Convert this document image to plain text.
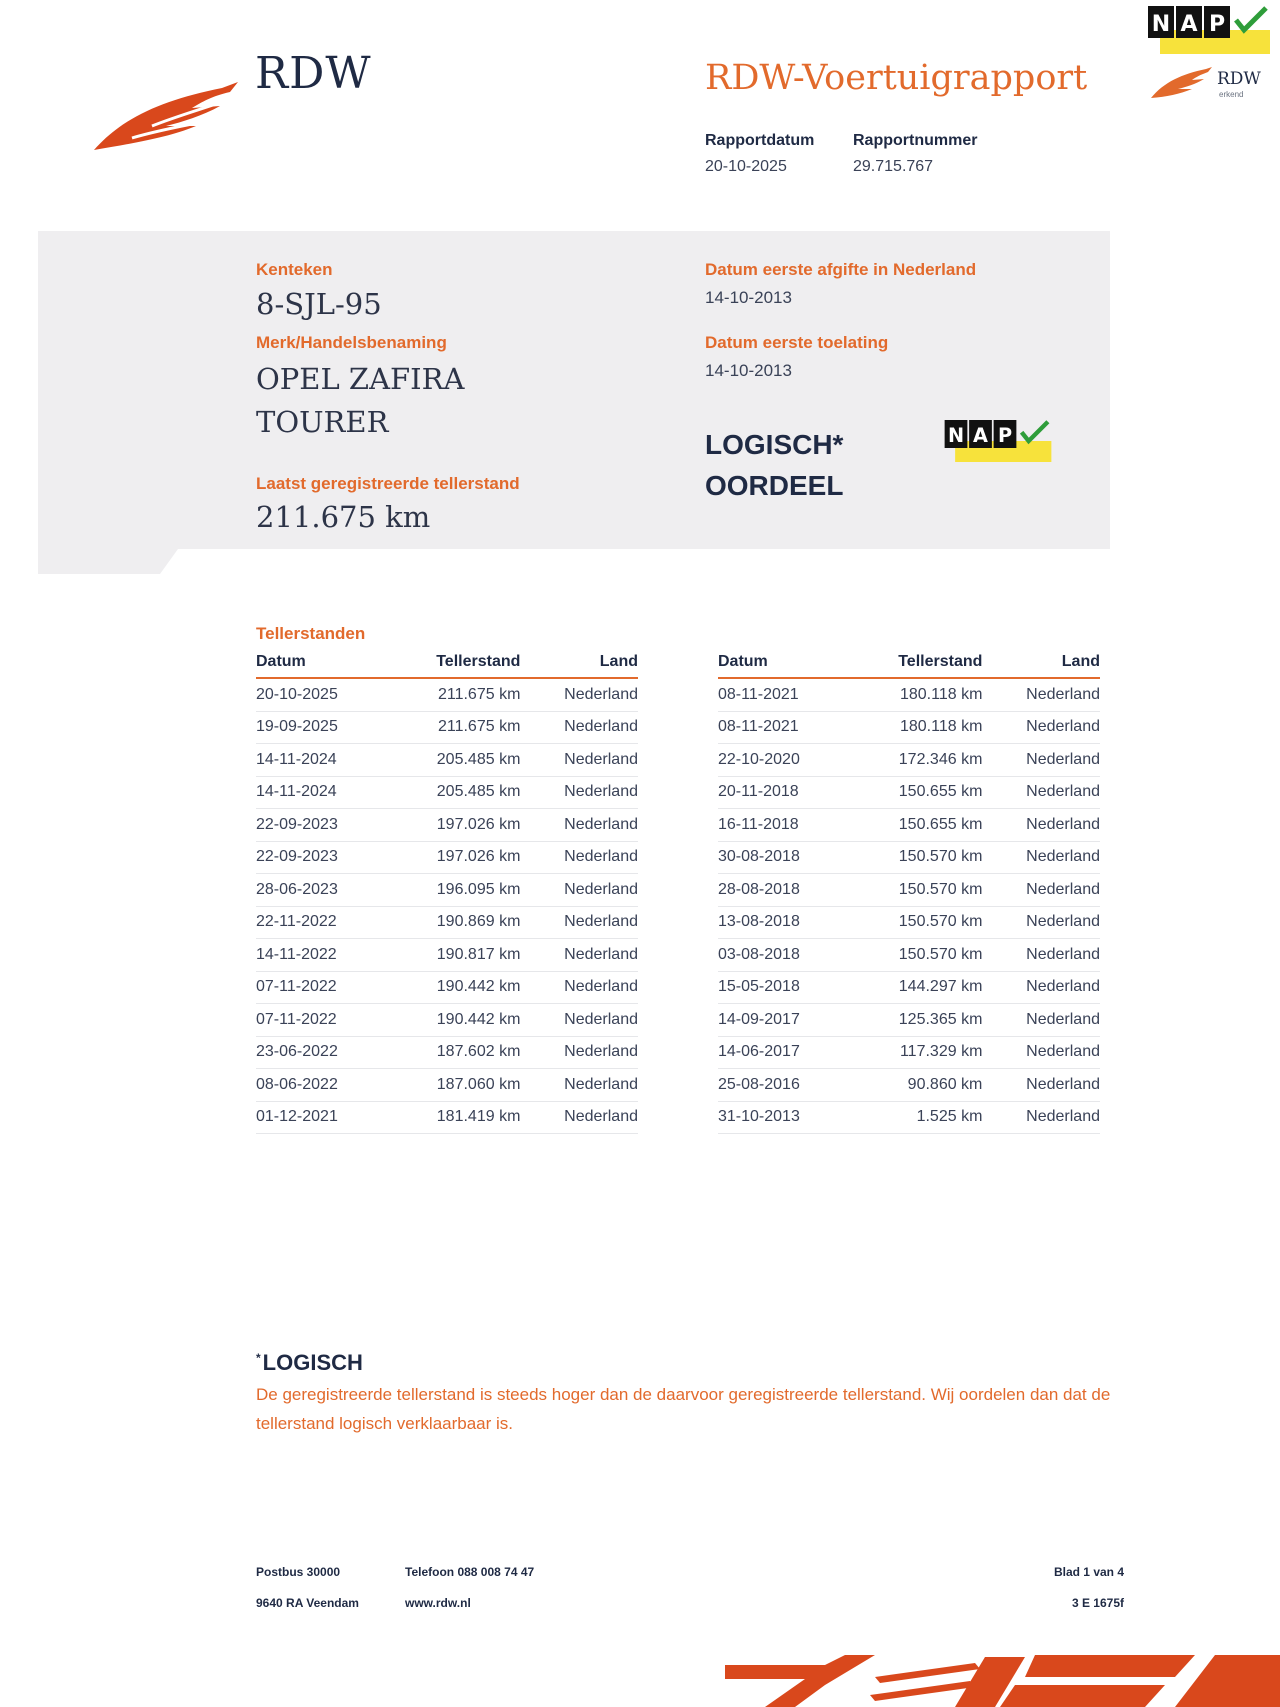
RDW	RDW-Voertuigrapport
Rapportdatum
20-10-2025
Rapportnummer
29.715.767
N A P
RDW
erkend
Kenteken
8-SJL-95
Merk/Handelsbenaming
OPEL ZAFIRA
TOURER
Laatst geregistreerde tellerstand
211.675 km
Datum eerste afgifte in Nederland
14-10-2013
Datum eerste toelating
14-10-2013
LOGISCH*
OORDEEL
N A P
Tellerstanden
Datum	Tellerstand	Land
20-10-2025	211.675 km	Nederland
19-09-2025	211.675 km	Nederland
14-11-2024	205.485 km	Nederland
14-11-2024	205.485 km	Nederland
22-09-2023	197.026 km	Nederland
22-09-2023	197.026 km	Nederland
28-06-2023	196.095 km	Nederland
22-11-2022	190.869 km	Nederland
14-11-2022	190.817 km	Nederland
07-11-2022	190.442 km	Nederland
07-11-2022	190.442 km	Nederland
23-06-2022	187.602 km	Nederland
08-06-2022	187.060 km	Nederland
01-12-2021	181.419 km	Nederland
Datum	Tellerstand	Land
08-11-2021	180.118 km	Nederland
08-11-2021	180.118 km	Nederland
22-10-2020	172.346 km	Nederland
20-11-2018	150.655 km	Nederland
16-11-2018	150.655 km	Nederland
30-08-2018	150.570 km	Nederland
28-08-2018	150.570 km	Nederland
13-08-2018	150.570 km	Nederland
03-08-2018	150.570 km	Nederland
15-05-2018	144.297 km	Nederland
14-09-2017	125.365 km	Nederland
14-06-2017	117.329 km	Nederland
25-08-2016	90.860 km	Nederland
31-10-2013	1.525 km	Nederland
*LOGISCH
De geregistreerde tellerstand is steeds hoger dan de daarvoor geregistreerde tellerstand. Wij oordelen dan dat de tellerstand logisch verklaarbaar is.
Postbus 30000
9640 RA Veendam
Telefoon 088 008 74 47
www.rdw.nl
Blad 1 van 4
3 E 1675f
